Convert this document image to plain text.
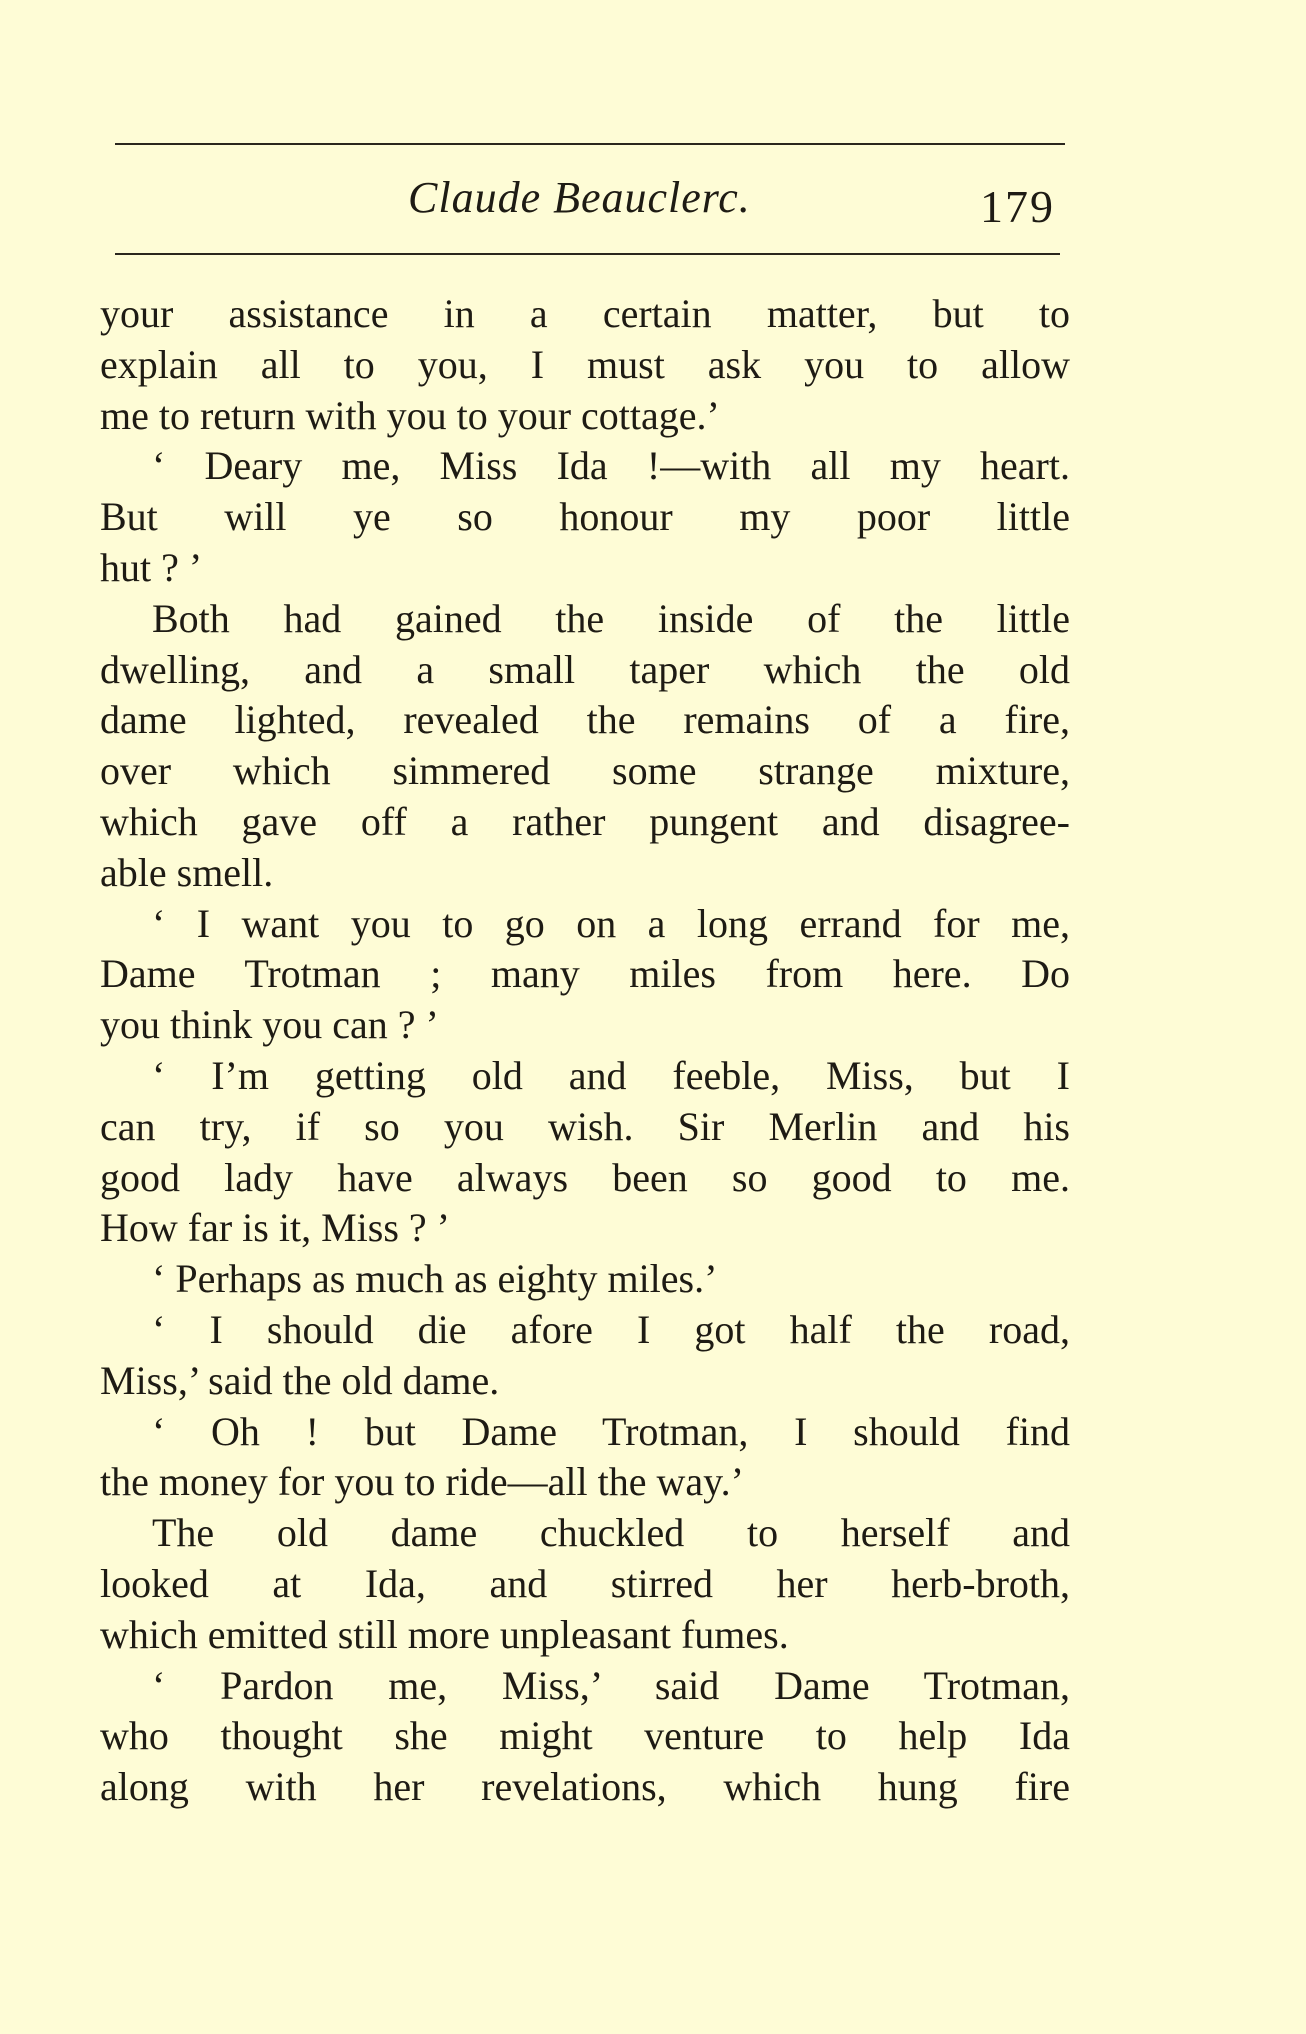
Claude Beauclerc.	179
your assistance in a certain matter, but to
explain all to you, I must ask you to allow
me to return with you to your cottage.’
‘ Deary me, Miss Ida !—with all my heart.
But will ye so honour my poor little
hut ? ’
Both had gained the inside of the little
dwelling, and a small taper which the old
dame lighted, revealed the remains of a fire,
over which simmered some strange mixture,
which gave off a rather pungent and disagree-
able smell.
‘ I want you to go on a long errand for me,
Dame Trotman ; many miles from here. Do
you think you can ? ’
‘ I’m getting old and feeble, Miss, but I
can try, if so you wish. Sir Merlin and his
good lady have always been so good to me.
How far is it, Miss ? ’
‘ Perhaps as much as eighty miles.’
‘ I should die afore I got half the road,
Miss,’ said the old dame.
‘ Oh ! but Dame Trotman, I should find
the money for you to ride—all the way.’
The old dame chuckled to herself and
looked at Ida, and stirred her herb-broth,
which emitted still more unpleasant fumes.
‘ Pardon me, Miss,’ said Dame Trotman,
who thought she might venture to help Ida
along with her revelations, which hung fire
